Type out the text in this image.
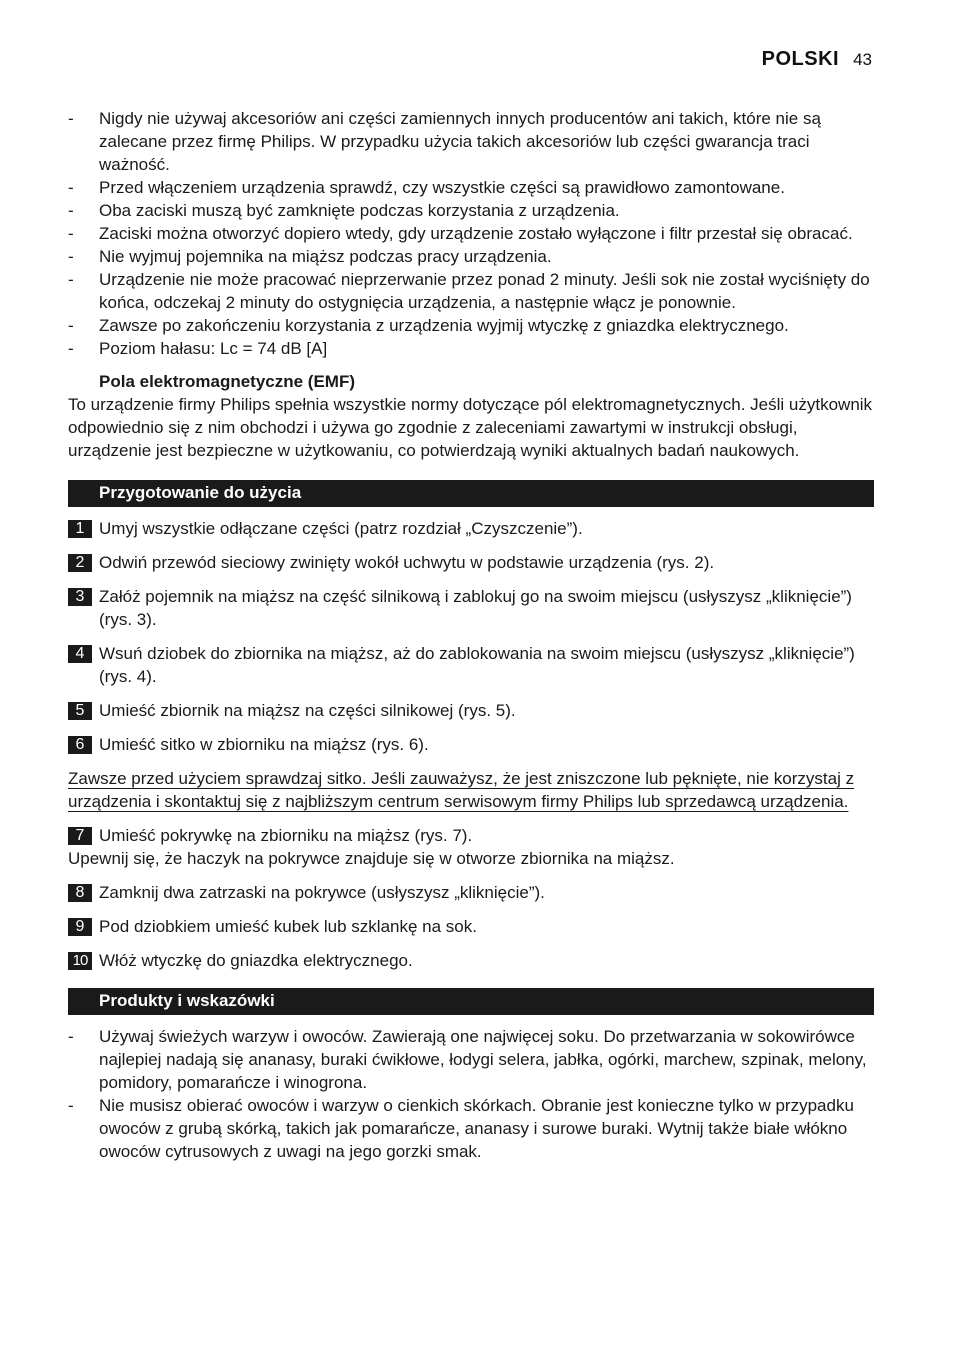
POLSKI 43
- Nigdy nie używaj akcesoriów ani części zamiennych innych producentów ani takich, które nie są zalecane przez firmę Philips. W przypadku użycia takich akcesoriów lub części gwarancja traci ważność.
- Przed włączeniem urządzenia sprawdź, czy wszystkie części są prawidłowo zamontowane.
- Oba zaciski muszą być zamknięte podczas korzystania z urządzenia.
- Zaciski można otworzyć dopiero wtedy, gdy urządzenie zostało wyłączone i filtr przestał się obracać.
- Nie wyjmuj pojemnika na miąższ podczas pracy urządzenia.
- Urządzenie nie może pracować nieprzerwanie przez ponad 2 minuty. Jeśli sok nie został wyciśnięty do końca, odczekaj 2 minuty do ostygnięcia urządzenia, a następnie włącz je ponownie.
- Zawsze po zakończeniu korzystania z urządzenia wyjmij wtyczkę z gniazdka elektrycznego.
- Poziom hałasu: Lc = 74 dB [A]
Pola elektromagnetyczne (EMF)

To urządzenie firmy Philips spełnia wszystkie normy dotyczące pól elektromagnetycznych. Jeśli użytkownik odpowiednio się z nim obchodzi i używa go zgodnie z zaleceniami zawartymi w instrukcji obsługi, urządzenie jest bezpieczne w użytkowaniu, co potwierdzają wyniki aktualnych badań naukowych.

Przygotowanie do użycia
1 Umyj wszystkie odłączane części (patrz rozdział „Czyszczenie”).
2 Odwiń przewód sieciowy zwinięty wokół uchwytu w podstawie urządzenia (rys. 2).
3 Załóż pojemnik na miąższ na część silnikową i zablokuj go na swoim miejscu (usłyszysz „kliknięcie”) (rys. 3).
4 Wsuń dziobek do zbiornika na miąższ, aż do zablokowania na swoim miejscu (usłyszysz „kliknięcie”) (rys. 4).
5 Umieść zbiornik na miąższ na części silnikowej (rys. 5).
6 Umieść sitko w zbiorniku na miąższ (rys. 6).

Zawsze przed użyciem sprawdzaj sitko. Jeśli zauważysz, że jest zniszczone lub pęknięte, nie korzystaj z urządzenia i skontaktuj się z najbliższym centrum serwisowym firmy Philips lub sprzedawcą urządzenia.

7 Umieść pokrywkę na zbiorniku na miąższ (rys. 7).

Upewnij się, że haczyk na pokrywce znajduje się w otworze zbiornika na miąższ.

8 Zamknij dwa zatrzaski na pokrywce (usłyszysz „kliknięcie”).
9 Pod dziobkiem umieść kubek lub szklankę na sok.
10 Włóż wtyczkę do gniazdka elektrycznego.
Produkty i wskazówki
- Używaj świeżych warzyw i owoców. Zawierają one najwięcej soku. Do przetwarzania w sokowirówce najlepiej nadają się ananasy, buraki ćwikłowe, łodygi selera, jabłka, ogórki, marchew, szpinak, melony, pomidory, pomarańcze i winogrona.
- Nie musisz obierać owoców i warzyw o cienkich skórkach. Obranie jest konieczne tylko w przypadku owoców z grubą skórką, takich jak pomarańcze, ananasy i surowe buraki. Wytnij także białe włókno owoców cytrusowych z uwagi na jego gorzki smak.
